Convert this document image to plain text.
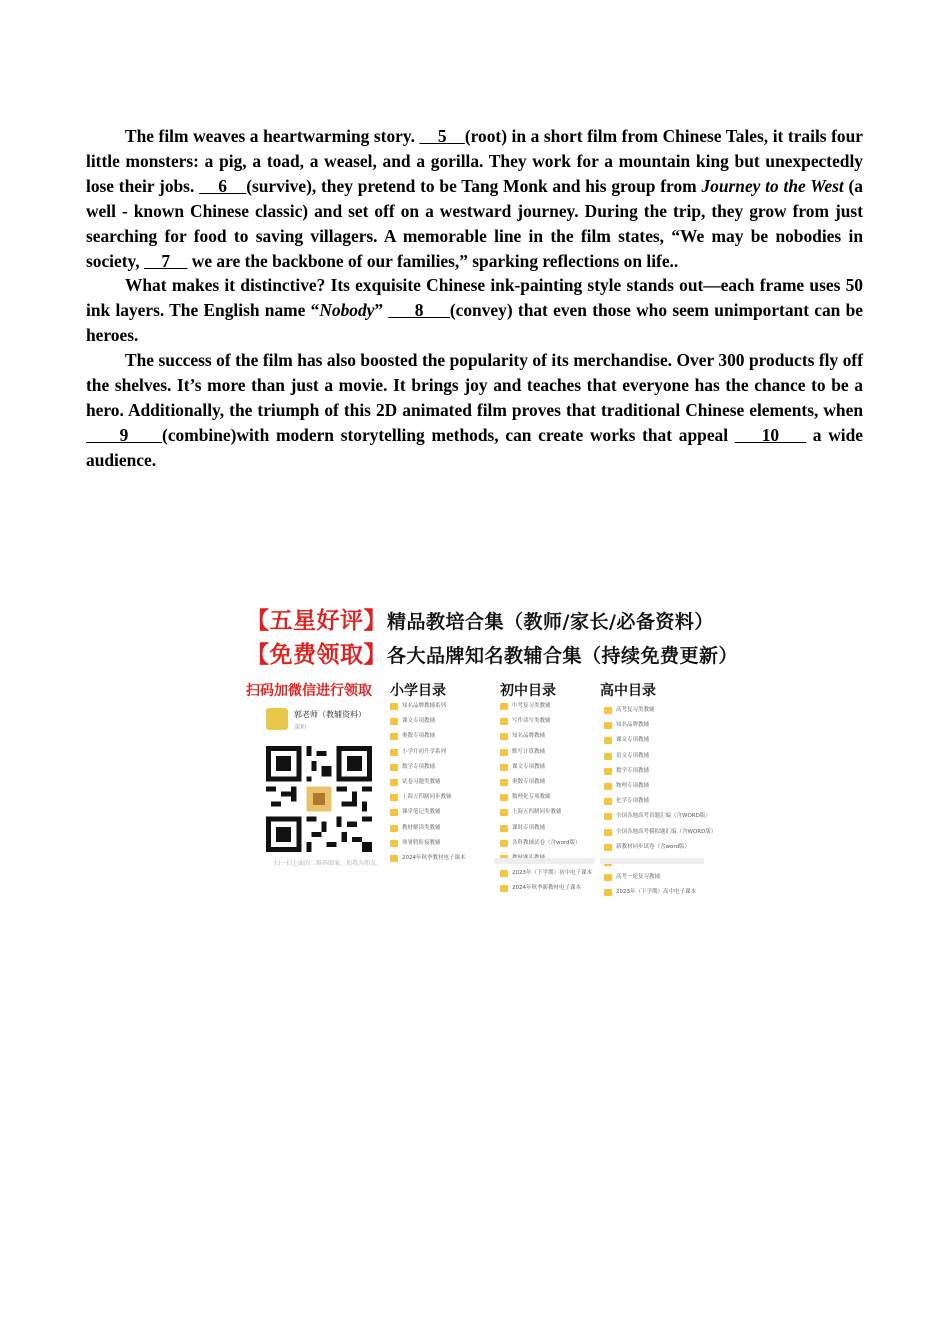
The film weaves a heartwarming story.     5    (root) in a short film from Chinese Tales, it trails four little monsters: a pig, a toad, a weasel, and a gorilla. They work for a mountain king but unexpectedly lose their jobs.     6    (survive), they pretend to be Tang Monk and his group from Journey to the West (a well - known Chinese classic) and set off on a westward journey. During the trip, they grow from just searching for food to saving villagers. A memorable line in the film states, “We may be nobodies in society,     7     we are the backbone of our families,” sparking reflections on life..

What makes it distinctive? Its exquisite Chinese ink-painting style stands out—each frame uses 50 ink layers. The English name “Nobody”      8     (convey) that even those who seem unimportant can be heroes.

The success of the film has also boosted the popularity of its merchandise. Over 300 products fly off the shelves. It’s more than just a movie. It brings joy and teaches that everyone has the chance to be a hero. Additionally, the triumph of this 2D animated film proves that traditional Chinese elements, when      9     (combine)with modern storytelling methods, can create works that appeal     10     a wide audience.

【五星好评】精品教培合集（教师/家长/必备资料）
【免费领取】各大品牌知名教辅合集（持续免费更新）
扫码加微信进行领取 小学目录	初中目录	高中目录
郭老师（教辅资料）
深圳
扫一扫上面的二维码图案，加我为朋友。
知名品牌教辅系列
课文专项教辅
奥数专项教辅
小学升初升学系列
数学专项教辅
试卷习题类教辅
上海五四制同步教辅
课堂笔记类教辅
教材解读类教辅
寒暑假衔接教辅
2024年秋季教材电子课本
中考复习类教辅
写作读写类教辅
知名品牌教辅
默写计算教辅
课文专项教辅
奥数专项教辅
数理化专项教辅
上海五四制同步教辅
课时专项教辅
各科教辅试卷（含word版）
2023年（下学期）初中电子课本
2024年秋季新教材电子课本
高考复习类教辅
知名品牌教辅
课文专项教辅
语文专项教辅
数学专项教辅
物理专项教辅
化学专项教辅
全国各地高考真题汇编（含WORD版）
全国各地高考模拟题汇编（含WORD版）
新教材同步试卷（含word版）
高考一轮复习教辅
2023年（下学期）高中电子课本
